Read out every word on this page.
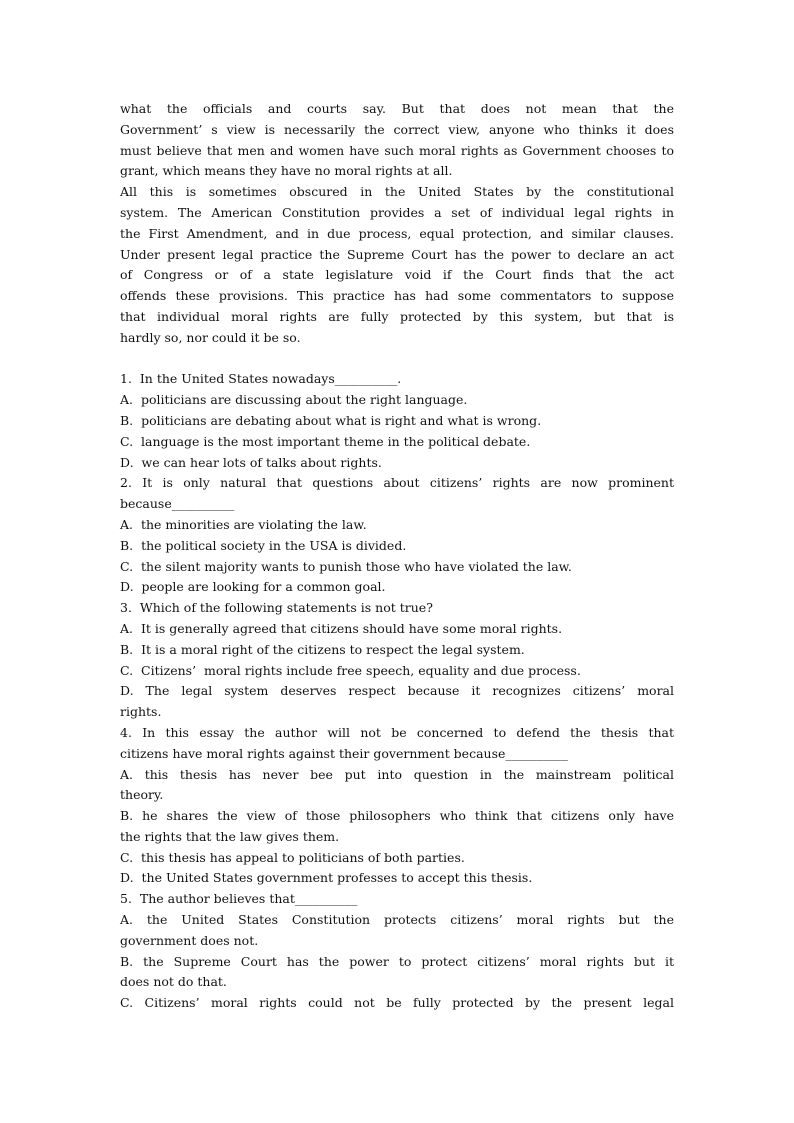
what the officials and courts say. But that does not mean that the
Government’ s view is necessarily the correct view, anyone who thinks it does
must believe that men and women have such moral rights as Government chooses to
grant, which means they have no moral rights at all.
All this is sometimes obscured in the United States by the constitutional
system. The American Constitution provides a set of individual legal rights in
the First Amendment, and in due process, equal protection, and similar clauses.
Under present legal practice the Supreme Court has the power to declare an act
of Congress or of a state legislature void if the Court finds that the act
offends these provisions. This practice has had some commentators to suppose
that individual moral rights are fully protected by this system, but that is
hardly so, nor could it be so.
1.  In the United States nowadays__________.
A.  politicians are discussing about the right language.
B.  politicians are debating about what is right and what is wrong.
C.  language is the most important theme in the political debate.
D.  we can hear lots of talks about rights.
2. It is only natural that questions about citizens’ rights are now prominent
because__________
A.  the minorities are violating the law.
B.  the political society in the USA is divided.
C.  the silent majority wants to punish those who have violated the law.
D.  people are looking for a common goal.
3.  Which of the following statements is not true?
A.  It is generally agreed that citizens should have some moral rights.
B.  It is a moral right of the citizens to respect the legal system.
C.  Citizens’  moral rights include free speech, equality and due process.
D. The legal system deserves respect because it recognizes citizens’ moral
rights.
4. In this essay the author will not be concerned to defend the thesis that
citizens have moral rights against their government because__________
A. this thesis has never bee put into question in the mainstream political
theory.
B. he shares the view of those philosophers who think that citizens only have
the rights that the law gives them.
C.  this thesis has appeal to politicians of both parties.
D.  the United States government professes to accept this thesis.
5.  The author believes that__________
A. the United States Constitution protects citizens’ moral rights but the
government does not.
B. the Supreme Court has the power to protect citizens’ moral rights but it
does not do that.
C. Citizens’ moral rights could not be fully protected by the present legal
